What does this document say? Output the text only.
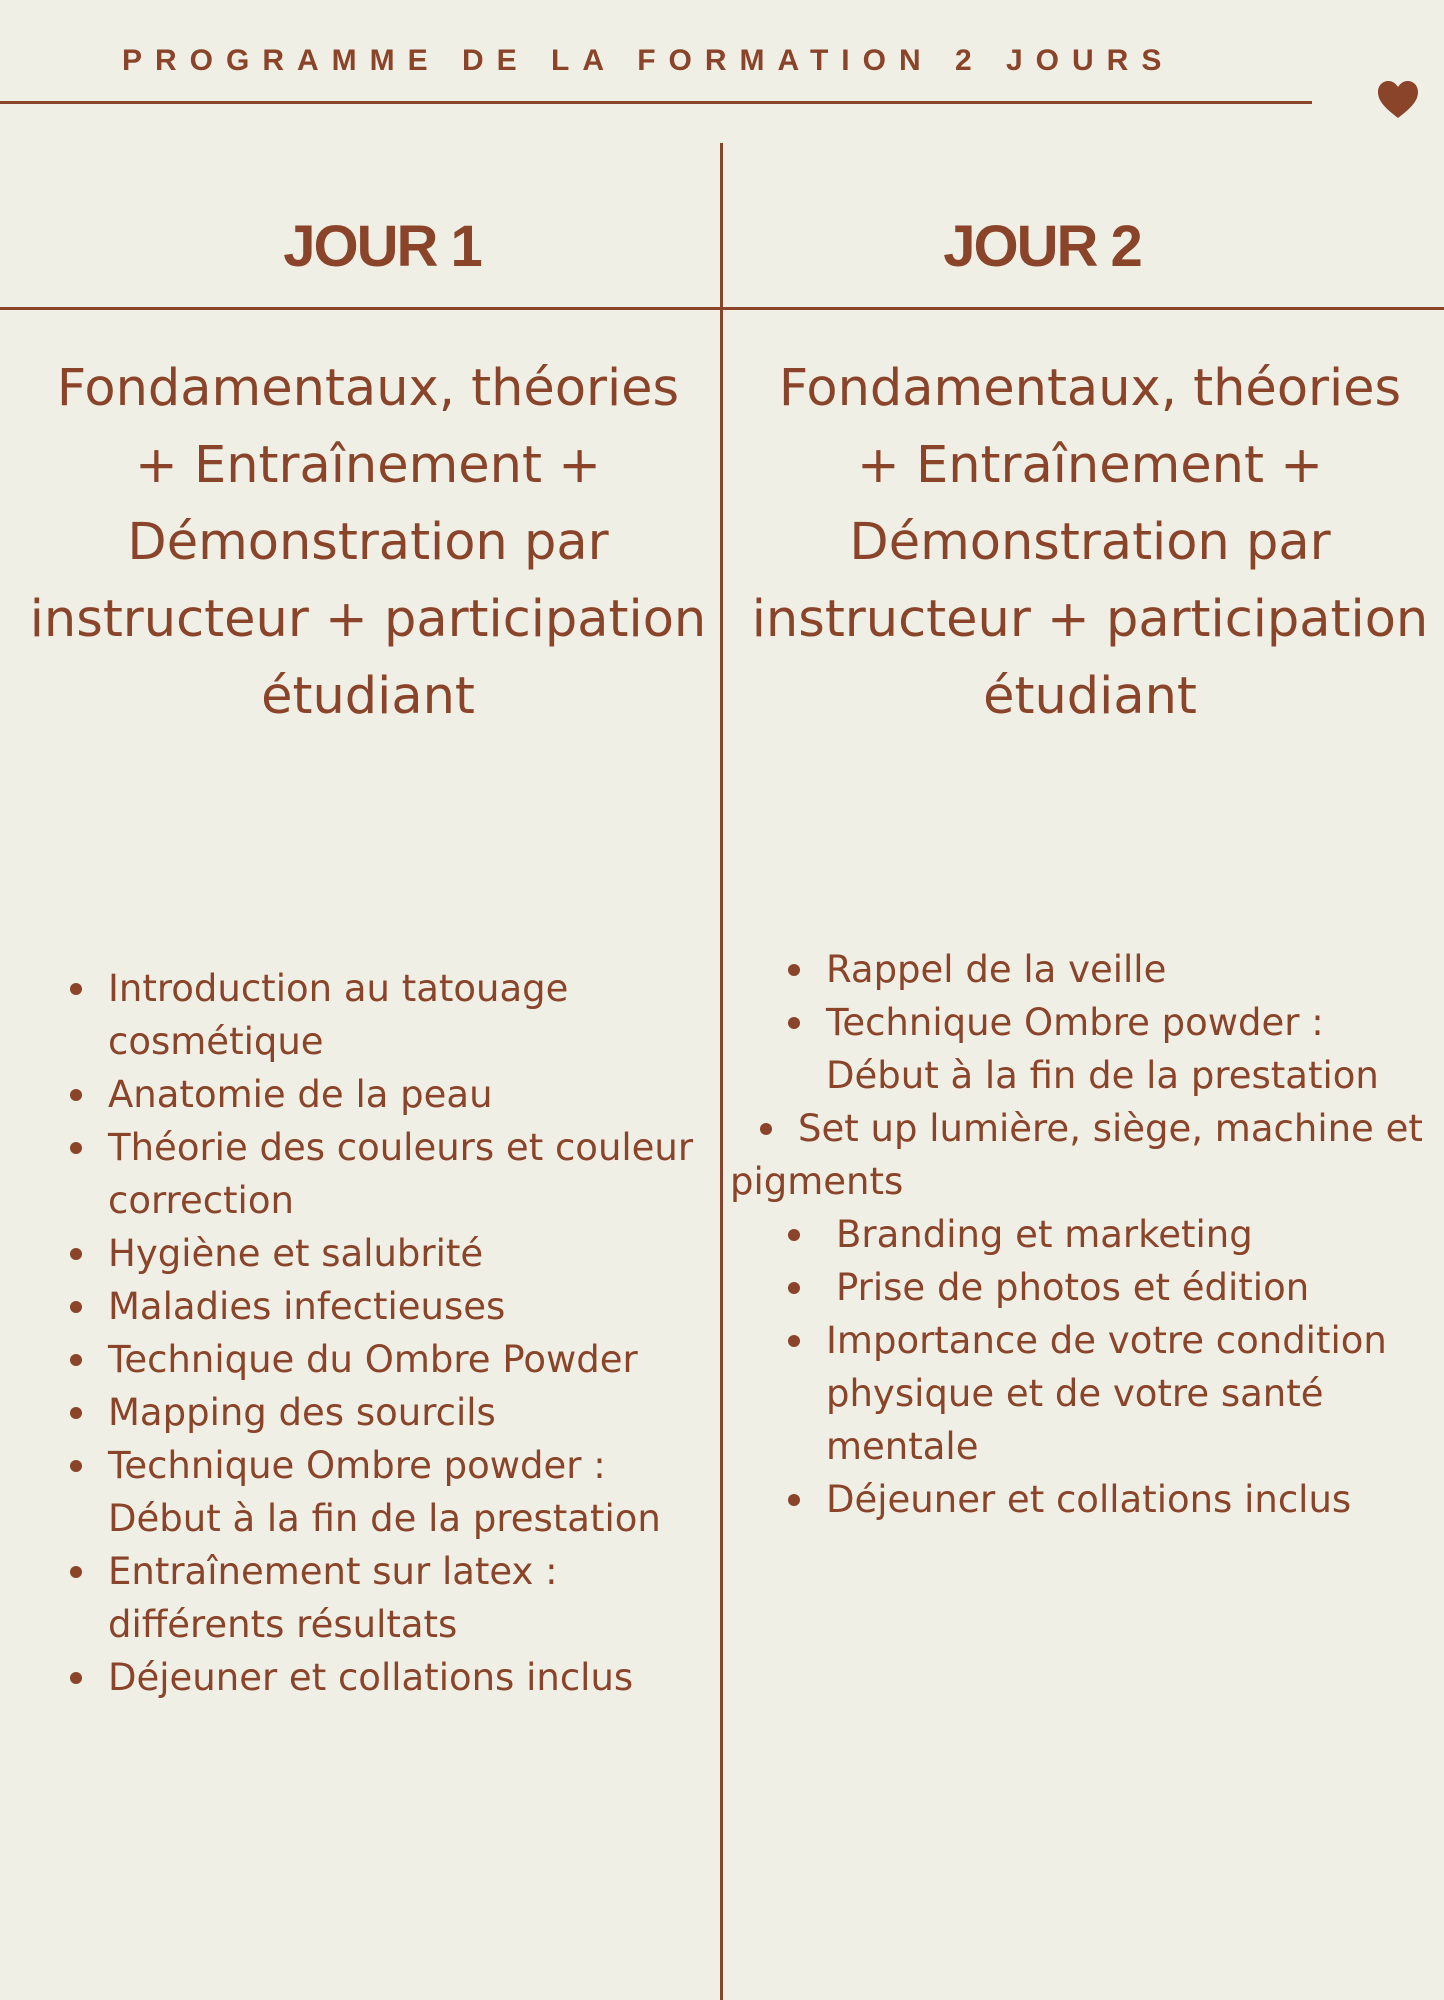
PROGRAMME DE LA FORMATION 2 JOURS
JOUR 1
Fondamentaux, théories + Entraînement + Démonstration par instructeur + participation étudiant
Introduction au tatouage cosmétique
Anatomie de la peau
Théorie des couleurs et couleur correction
Hygiène et salubrité
Maladies infectieuses
Technique du Ombre Powder
Mapping des sourcils
Technique Ombre powder : Début à la fin de la prestation
Entraînement sur latex : différents résultats
Déjeuner et collations inclus
JOUR 2
Fondamentaux, théories + Entraînement + Démonstration par instructeur + participation étudiant
Rappel de la veille
Technique Ombre powder : Début à la fin de la prestation
Set up lumière, siège, machine et pigments
Branding et marketing
Prise de photos et édition
Importance de votre condition physique et de votre santé mentale
Déjeuner et collations inclus
